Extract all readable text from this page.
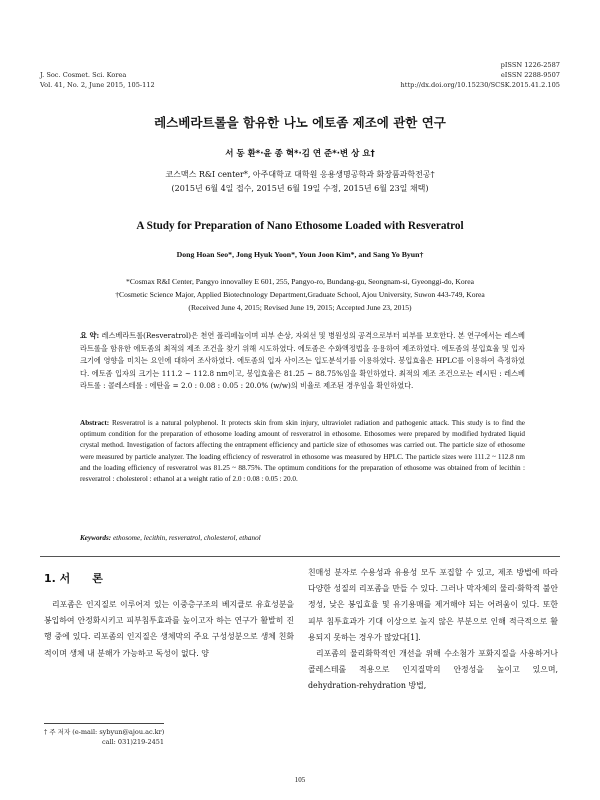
J. Soc. Cosmet. Sci. Korea
Vol. 41, No. 2, June 2015, 105-112
pISSN 1226-2587
eISSN 2288-9507
http://dx.doi.org/10.15230/SCSK.2015.41.2.105
레스베라트롤을 함유한 나노 에토좀 제조에 관한 연구
서 동 환*·윤 종 혁*·김 연 준*·변 상 요†
코스맥스 R&I center*, 아주대학교 대학원 응용생명공학과 화장품과학전공†
(2015년 6월 4일 접수, 2015년 6월 19일 수정, 2015년 6월 23일 채택)
A Study for Preparation of Nano Ethosome Loaded with Resveratrol
Dong Hoan Seo*, Jong Hyuk Yoon*, Youn Joon Kim*, and Sang Yo Byun†
*Cosmax R&I Center, Pangyo innovalley E 601, 255, Pangyo-ro, Bundang-gu, Seongnam-si, Gyeonggi-do, Korea
†Cosmetic Science Major, Applied Biotechnology Department,Graduate School, Ajou University, Suwon 443-749, Korea
(Received June 4, 2015; Revised June 19, 2015; Accepted June 23, 2015)
요 약: 레스베라트롤(Resveratrol)은 천연 폴리페놀이며 피부 손상, 자외선 및 병원성의 공격으로부터 피부를 보호한다. 본 연구에서는 레스베라트롤을 함유한 에토좀의 최적의 제조 조건을 찾기 위해 시도하였다. 에토좀은 수화액정법을 응용하여 제조하였다. 에토좀의 봉입효율 및 입자 크기에 영향을 미치는 요인에 대하여 조사하였다. 에토좀의 입자 사이즈는 입도분석기를 이용하였다. 봉입효율은 HPLC를 이용하여 측정하였다. 에토좀 입자의 크기는 111.2 ~ 112.8 nm이고, 봉입효율은 81.25 ~ 88.75%임을 확인하였다. 최적의 제조 조건으로는 레시틴 : 레스베라트롤 : 콜레스테롤 : 에탄올 = 2.0 : 0.08 : 0.05 : 20.0% (w/w)의 비율로 제조된 경우임을 확인하였다.
Abstract: Resveratrol is a natural polyphenol. It protects skin from skin injury, ultraviolet radiation and pathogenic attack. This study is to find the optimum condition for the preparation of ethosome loading amount of resveratrol in ethosome. Ethosomes were prepared by modified hydrated liquid crystal method. Investigation of factors affecting the entrapment efficiency and particle size of ethosomes was carried out. The particle size of ethosome were measured by particle analyzer. The loading efficiency of resveratrol in ethosome was measured by HPLC. The particle sizes were 111.2 ~ 112.8 nm and the loading efficiency of resveratrol was 81.25 ~ 88.75%. The optimum conditions for the preparation of ethosome was obtained from of lecithin : resveratrol : cholesterol : ethanol at a weight ratio of 2.0 : 0.08 : 0.05 : 20.0.
Keywords: ethosome, lecithin, resveratrol, cholesterol, ethanol
1. 서　　론

리포좀은 인지질로 이루어져 있는 이중층구조의 베지클로 유효성분을 봉입하여 안정화시키고 피부침투효과를 높이고자 하는 연구가 활발히 진행 중에 있다. 리포좀의 인지질은 생체막의 주요 구성성분으로 생체 친화적이며 생체 내 분해가 가능하고 독성이 없다. 양

친매성 분자로 수용성과 유용성 모두 포집할 수 있고, 제조 방법에 따라 다양한 성질의 리포좀을 만들 수 있다. 그러나 막자체의 물리·화학적 불안정성, 낮은 봉입효율 및 유기용매를 제거해야 되는 어려움이 있다. 또한 피부 침투효과가 기대 이상으로 높지 않은 부분으로 인해 적극적으로 활용되지 못하는 경우가 많았다[1].

리포좀의 물리화학적인 개선을 위해 수소첨가 포화지질을 사용하거나 콜레스테롤 적용으로 인지질막의 안정성을 높이고 있으며, dehydration-rehydration 방법,

† 주 저자 (e-mail: sybyun@ajou.ac.kr)
call: 031)219-2451
105
